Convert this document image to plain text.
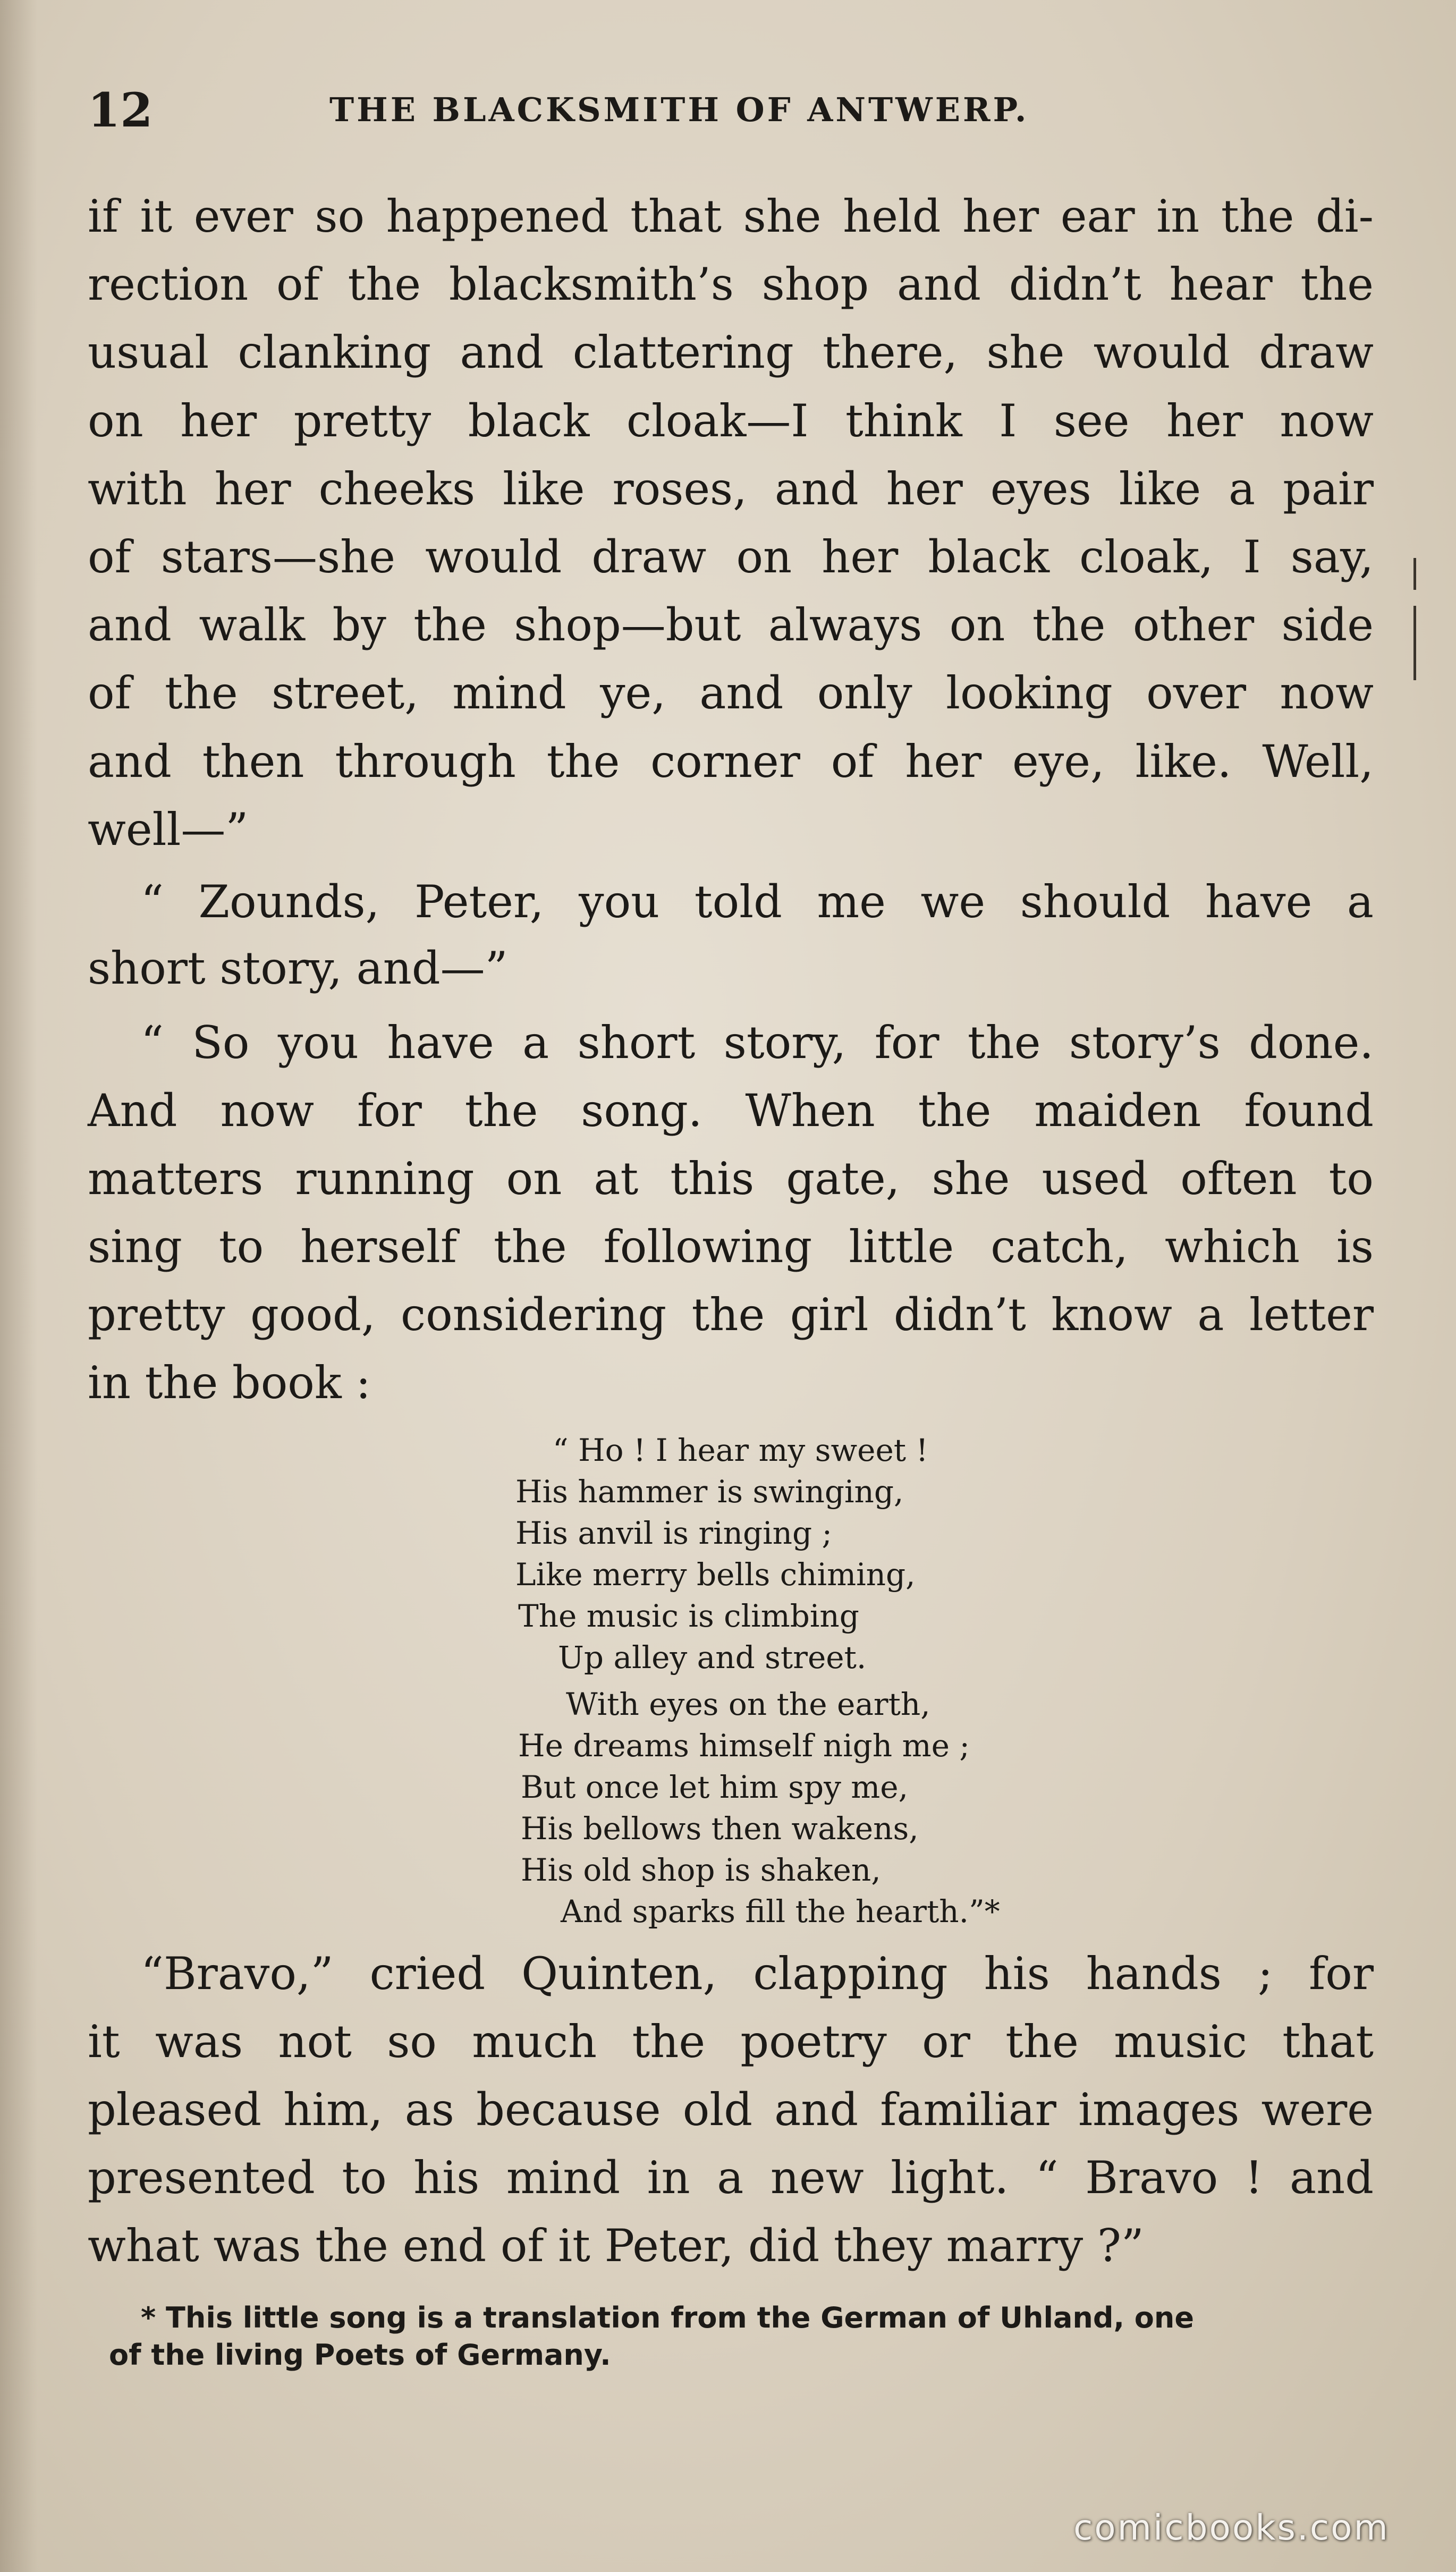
12	THE BLACKSMITH OF ANTWERP.
if it ever so happened that she held her ear in the di-
rection of the blacksmith’s shop and didn’t hear the
usual clanking and clattering there, she would draw
on her pretty black cloak—I think I see her now
with her cheeks like roses, and her eyes like a pair
of stars—she would draw on her black cloak, I say,
and walk by the shop—but always on the other side
of the street, mind ye, and only looking over now
and then through the corner of her eye, like. Well,
well—”
“ Zounds, Peter, you told me we should have a
short story, and—”
“ So you have a short story, for the story’s done.
And now for the song. When the maiden found
matters running on at this gate, she used often to
sing to herself the following little catch, which is
pretty good, considering the girl didn’t know a letter
in the book :
“ Ho ! I hear my sweet !
His hammer is swinging,
His anvil is ringing ;
Like merry bells chiming,
The music is climbing
Up alley and street.
With eyes on the earth,
He dreams himself nigh me ;
But once let him spy me,
His bellows then wakens,
His old shop is shaken,
And sparks fill the hearth.”*
“Bravo,” cried Quinten, clapping his hands ; for
it was not so much the poetry or the music that
pleased him, as because old and familiar images were
presented to his mind in a new light. “ Bravo ! and
what was the end of it Peter, did they marry ?”
* This little song is a translation from the German of Uhland, one
of the living Poets of Germany.
comicbooks.com
